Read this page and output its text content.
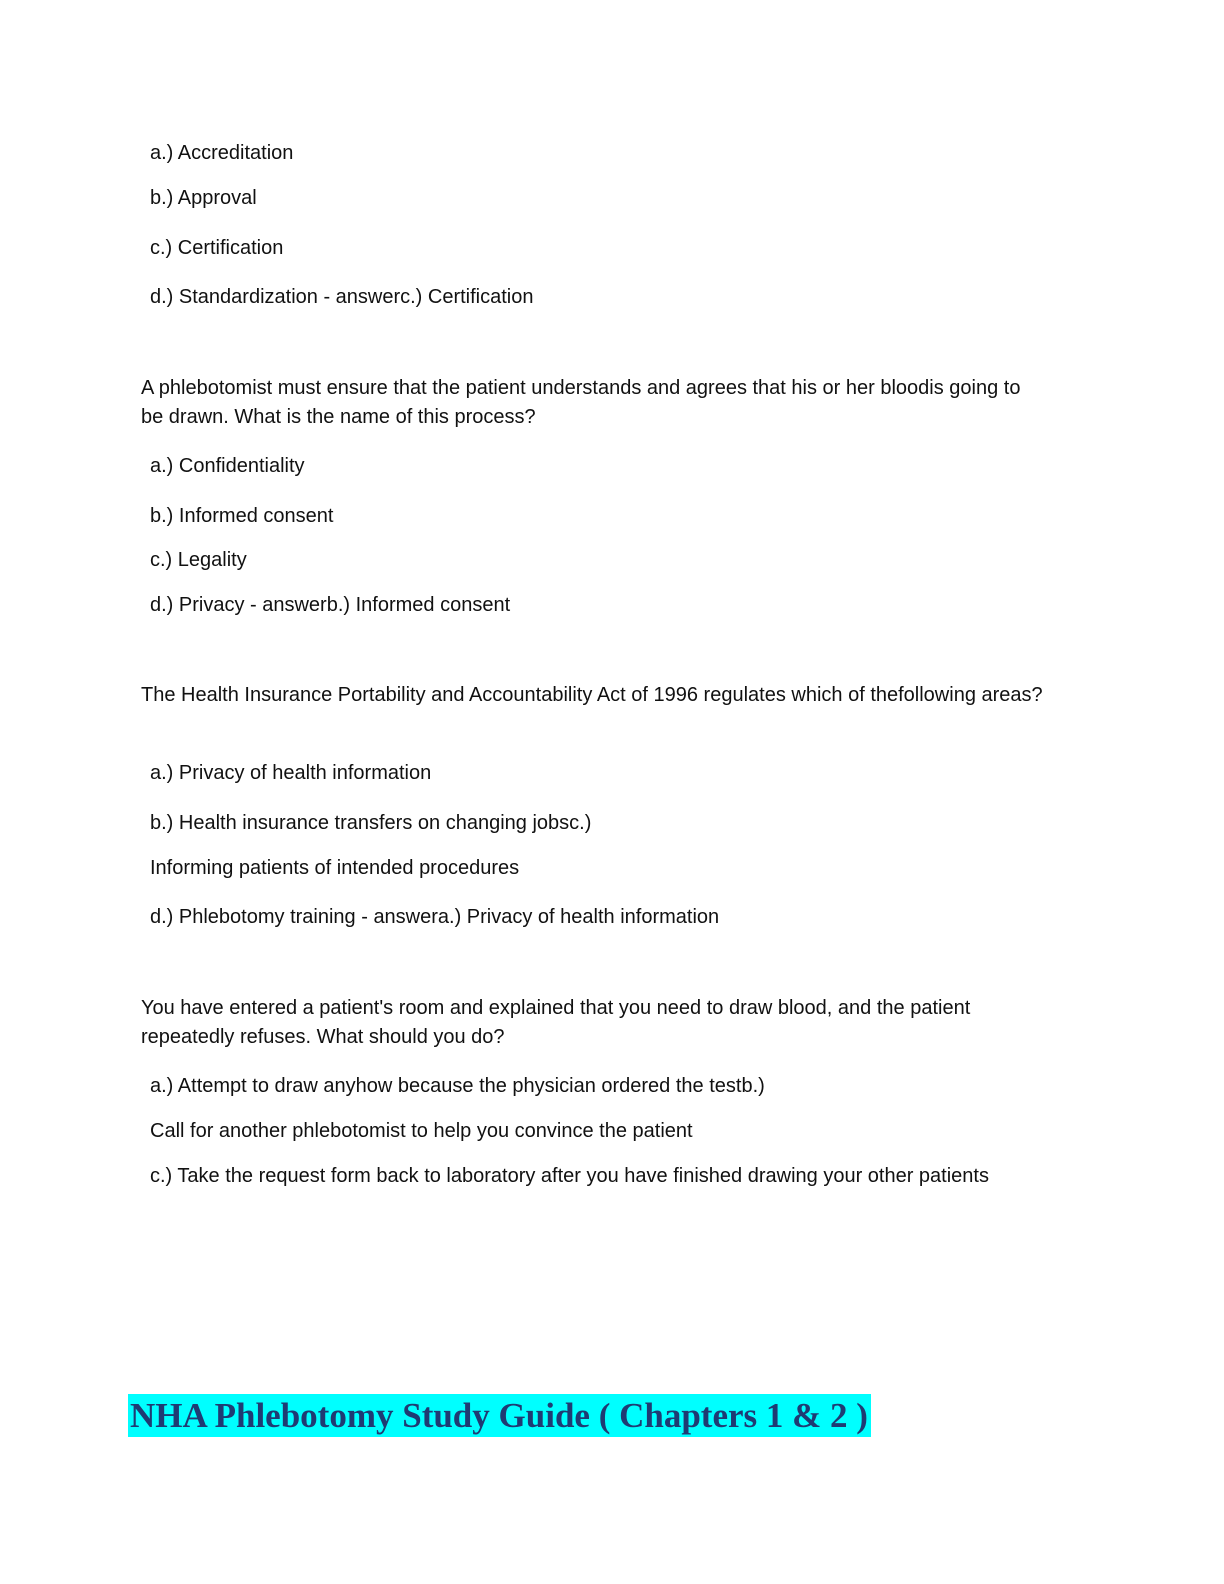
a.) Accreditation
b.) Approval
c.) Certification
d.) Standardization - answerc.) Certification
A phlebotomist must ensure that the patient understands and agrees that his or her bloodis going to be drawn. What is the name of this process?
a.) Confidentiality
b.) Informed consent
c.) Legality
d.) Privacy - answerb.) Informed consent
The Health Insurance Portability and Accountability Act of 1996 regulates which of thefollowing areas?
a.) Privacy of health information
b.) Health insurance transfers on changing jobsc.)
Informing patients of intended procedures
d.) Phlebotomy training - answera.) Privacy of health information
You have entered a patient's room and explained that you need to draw blood, and the patient repeatedly refuses. What should you do?
a.) Attempt to draw anyhow because the physician ordered the testb.)
Call for another phlebotomist to help you convince the patient
c.) Take the request form back to laboratory after you have finished drawing your other patients
NHA Phlebotomy Study Guide ( Chapters 1 & 2 )
